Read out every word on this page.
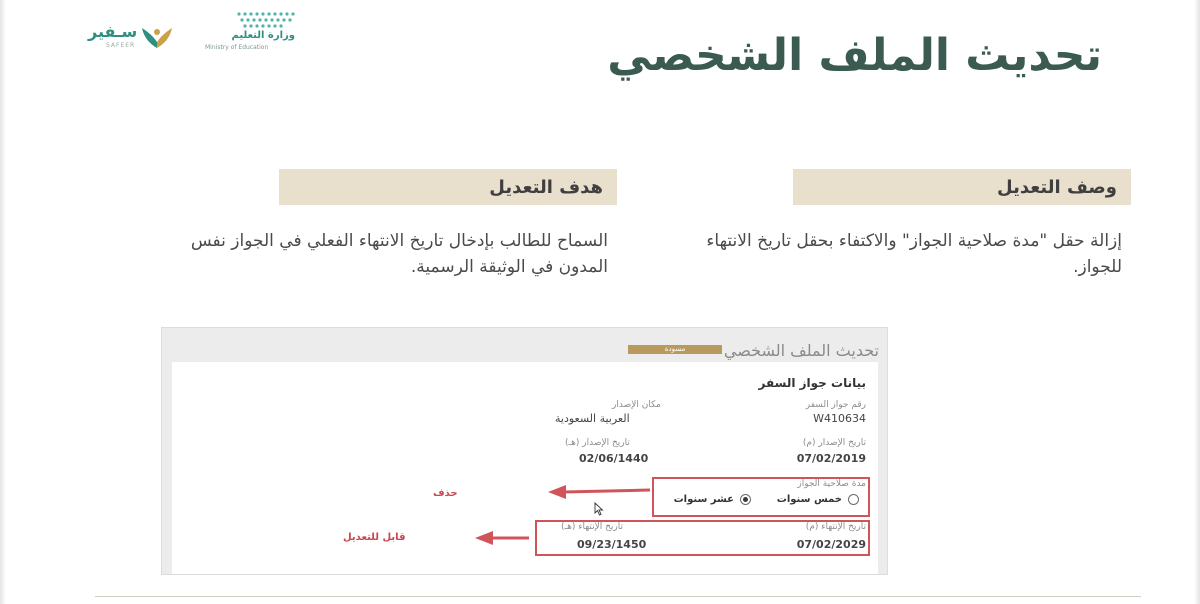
وزارة التعليم
Ministry of Education
سـفير
SAFEER	تحديث الملف الشخصي
وصف التعديل
هدف التعديل
إزالة حقل "مدة صلاحية الجواز" والاكتفاء بحقل تاريخ الانتهاء للجواز.
السماح للطالب بإدخال تاريخ الانتهاء الفعلي في الجواز نفس المدون في الوثيقة الرسمية.
تحديث الملف الشخصي
مسودة
بيانات جواز السفر
رقم جواز السفر
W410634
مكان الإصدار
العربية السعودية
تاريخ الإصدار (م)
07/02/2019
تاريخ الإصدار (هـ)
02/06/1440
مدة صلاحية الجواز
خمس سنوات
عشر سنوات
تاريخ الإنتهاء (م)
07/02/2029
تاريخ الإنتهاء (هـ)
09/23/1450
حذف
قابل للتعديل
